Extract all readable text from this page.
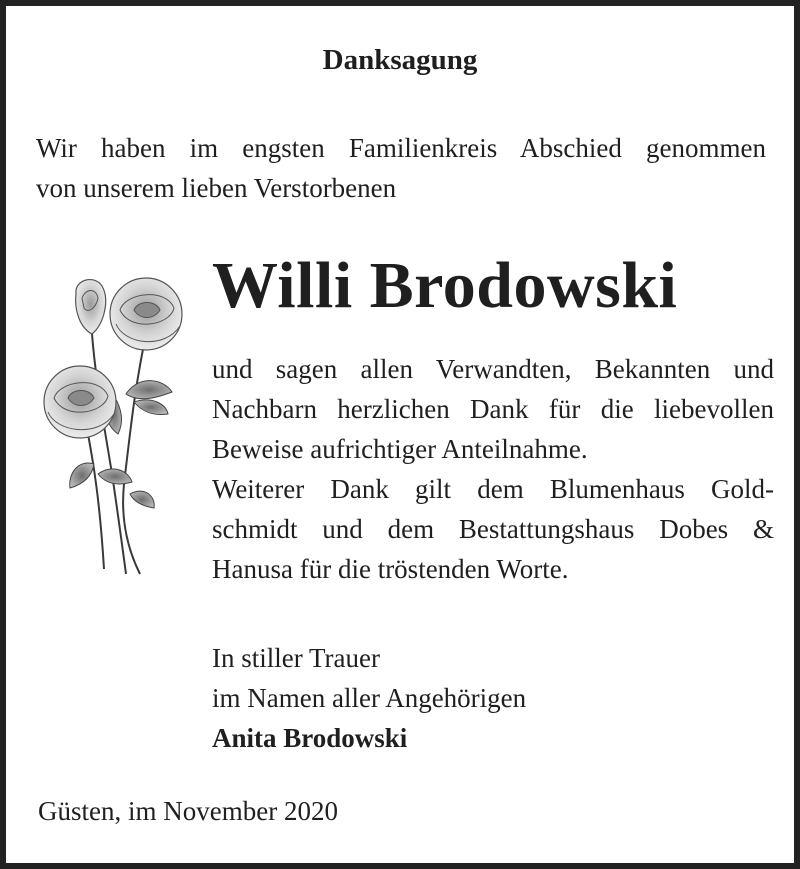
Danksagung
Wir haben im engsten Familienkreis Abschied genommen
von unserem lieben Verstorbenen
Willi Brodowski
und sagen allen Verwandten, Bekannten und
Nachbarn herzlichen Dank für die liebevollen
Beweise aufrichtiger Anteilnahme.
Weiterer Dank gilt dem Blumenhaus Gold-
schmidt und dem Bestattungshaus Dobes &
Hanusa für die tröstenden Worte.
In stiller Trauer
im Namen aller Angehörigen
Anita Brodowski
Güsten, im November 2020
